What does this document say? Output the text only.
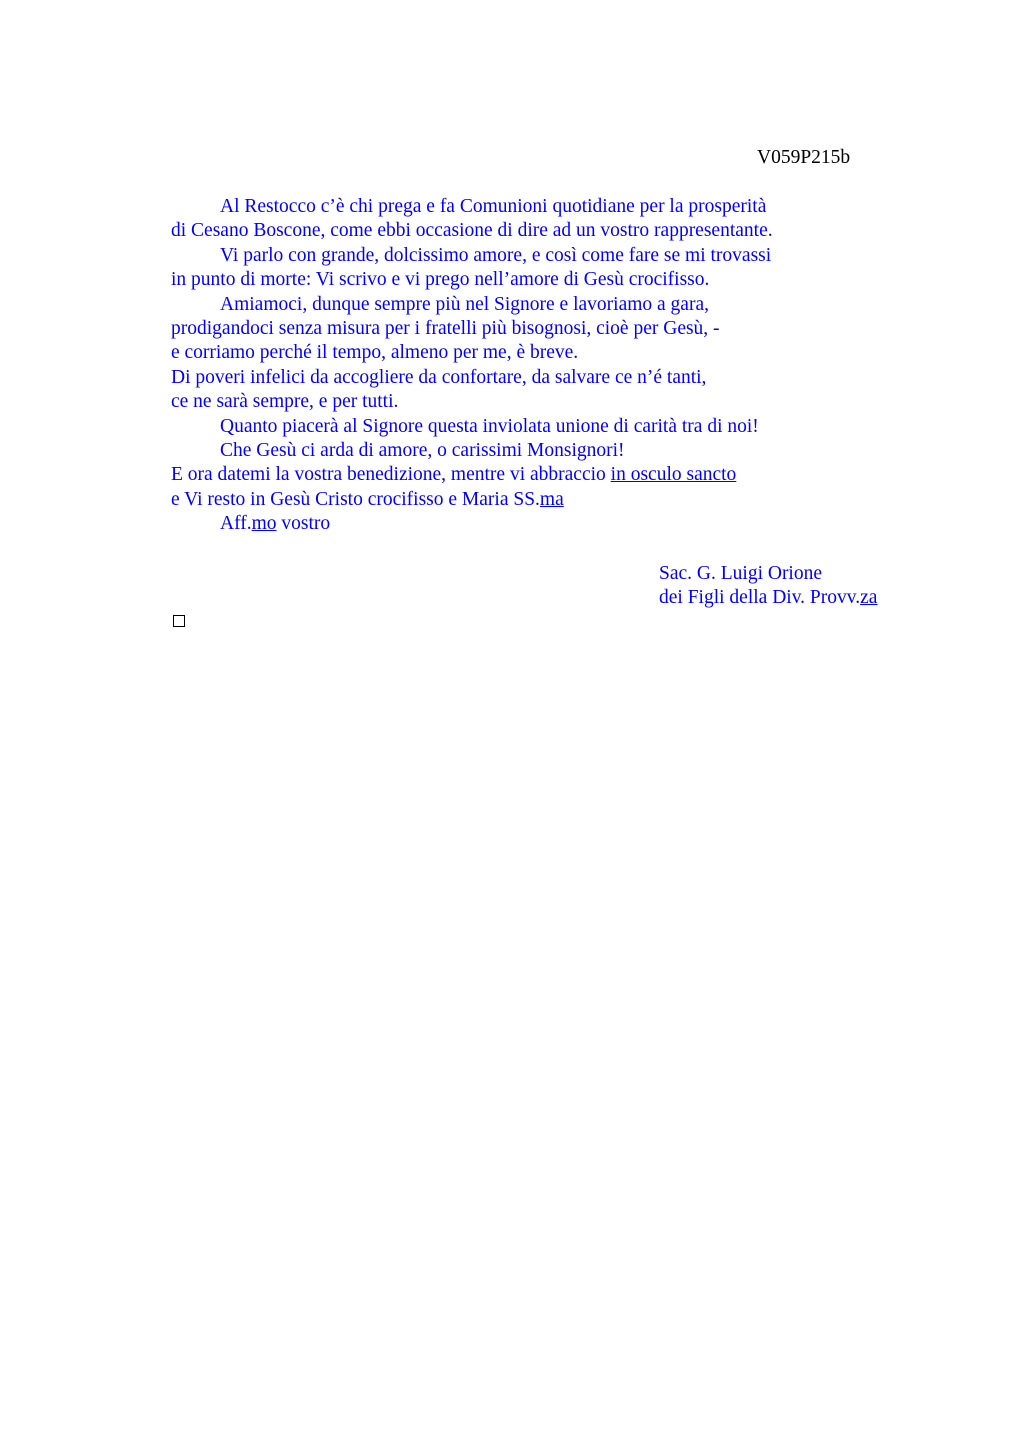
V059P215b
Al Restocco c’è chi prega e fa Comunioni quotidiane per la prosperità
di Cesano Boscone, come ebbi occasione di dire ad un vostro rappresentante.
Vi parlo con grande, dolcissimo amore, e così come fare se mi trovassi
in punto di morte: Vi scrivo e vi prego nell’amore di Gesù crocifisso.
Amiamoci, dunque sempre più nel Signore e lavoriamo a gara,
prodigandoci senza misura per i fratelli più bisognosi, cioè per Gesù, -
e corriamo perché il tempo, almeno per me, è breve.
Di poveri infelici da accogliere da confortare, da salvare ce n’é tanti,
ce ne sarà sempre, e per tutti.
Quanto piacerà al Signore questa inviolata unione di carità tra di noi!
Che Gesù ci arda di amore, o carissimi Monsignori!
E ora datemi la vostra benedizione, mentre vi abbraccio in osculo sancto
e Vi resto in Gesù Cristo crocifisso e Maria SS.ma
Aff.mo vostro
Sac. G. Luigi Orione
dei Figli della Div. Provv.za
